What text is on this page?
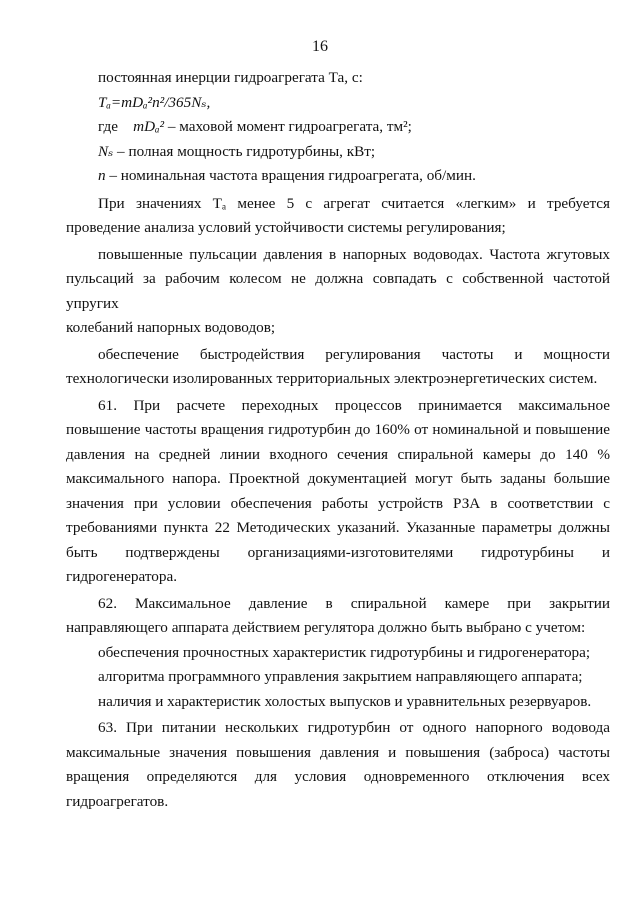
16

постоянная инерции гидроагрегата Та, с:

Tₐ=mDₐ²n²/365Nₛ,

где mDₐ² – маховой момент гидроагрегата, тм²;

Nₛ – полная мощность гидротурбины, кВт;

n – номинальная частота вращения гидроагрегата, об/мин.

При значениях Tₐ менее 5 с агрегат считается «легким» и требуется

проведение анализа условий устойчивости системы регулирования;

повышенные пульсации давления в напорных водоводах. Частота жгутовых

пульсаций за рабочим колесом не должна совпадать с собственной частотой упругих

колебаний напорных водоводов;

обеспечение быстродействия регулирования частоты и мощности

технологически изолированных территориальных электроэнергетических систем.

61. При расчете переходных процессов принимается максимальное

повышение частоты вращения гидротурбин до 160% от номинальной и повышение

давления на средней линии входного сечения спиральной камеры до 140 %

максимального напора. Проектной документацией могут быть заданы большие

значения при условии обеспечения работы устройств РЗА в соответствии с

требованиями пункта 22 Методических указаний. Указанные параметры должны

быть подтверждены организациями-изготовителями гидротурбины и

гидрогенератора.

62. Максимальное давление в спиральной камере при закрытии

направляющего аппарата действием регулятора должно быть выбрано с учетом:

обеспечения прочностных характеристик гидротурбины и гидрогенератора;

алгоритма программного управления закрытием направляющего аппарата;

наличия и характеристик холостых выпусков и уравнительных резервуаров.

63. При питании нескольких гидротурбин от одного напорного водовода

максимальные значения повышения давления и повышения (заброса) частоты

вращения определяются для условия одновременного отключения всех

гидроагрегатов.
